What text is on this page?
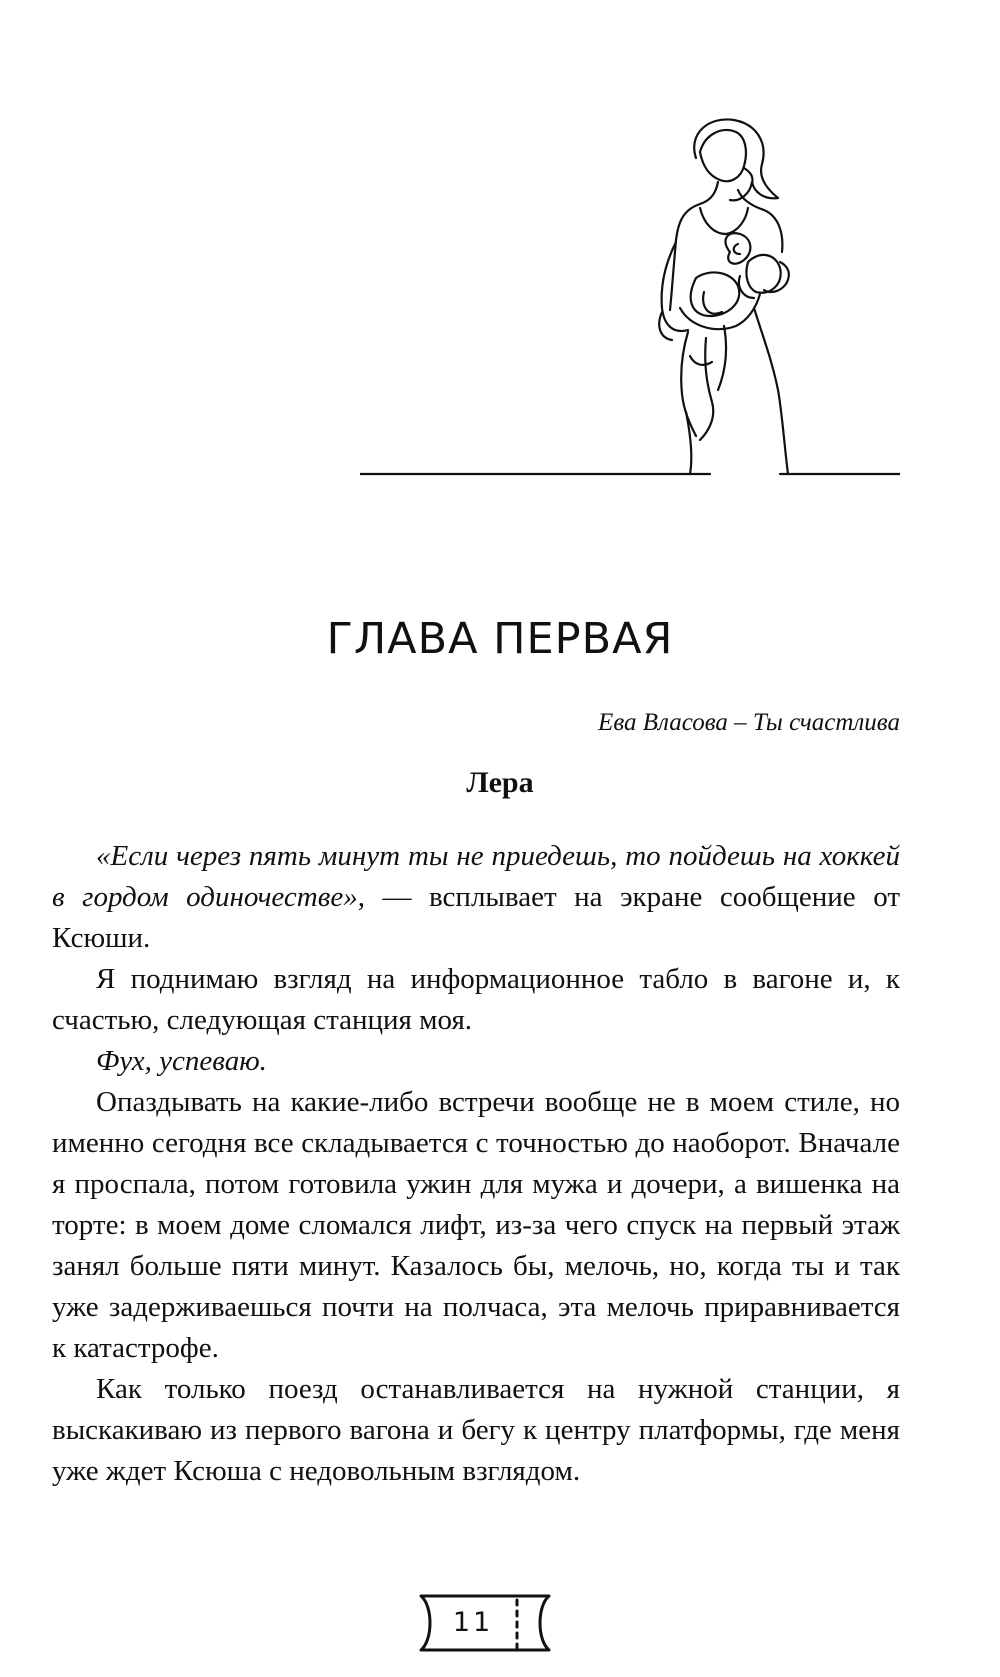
ГЛАВА ПЕРВАЯ
Ева Власова – Ты счастлива
Лера

«Если через пять минут ты не приедешь, то пойдешь на хоккей в гордом одиночестве», — всплывает на экране сообщение от Ксюши.

Я поднимаю взгляд на информационное табло в вагоне и, к счастью, следующая станция моя.

Фух, успеваю.

Опаздывать на какие-либо встречи вообще не в моем стиле, но именно сегодня все складывается с точностью до наоборот. Вначале я проспала, потом готовила ужин для мужа и дочери, а вишенка на торте: в моем доме сломался лифт, из-за чего спуск на первый этаж занял больше пяти минут. Казалось бы, мелочь, но, когда ты и так уже задерживаешься почти на полчаса, эта мелочь приравнивается к катастрофе.

Как только поезд останавливается на нужной станции, я выскакиваю из первого вагона и бегу к центру платформы, где меня уже ждет Ксюша с недовольным взглядом.

11
